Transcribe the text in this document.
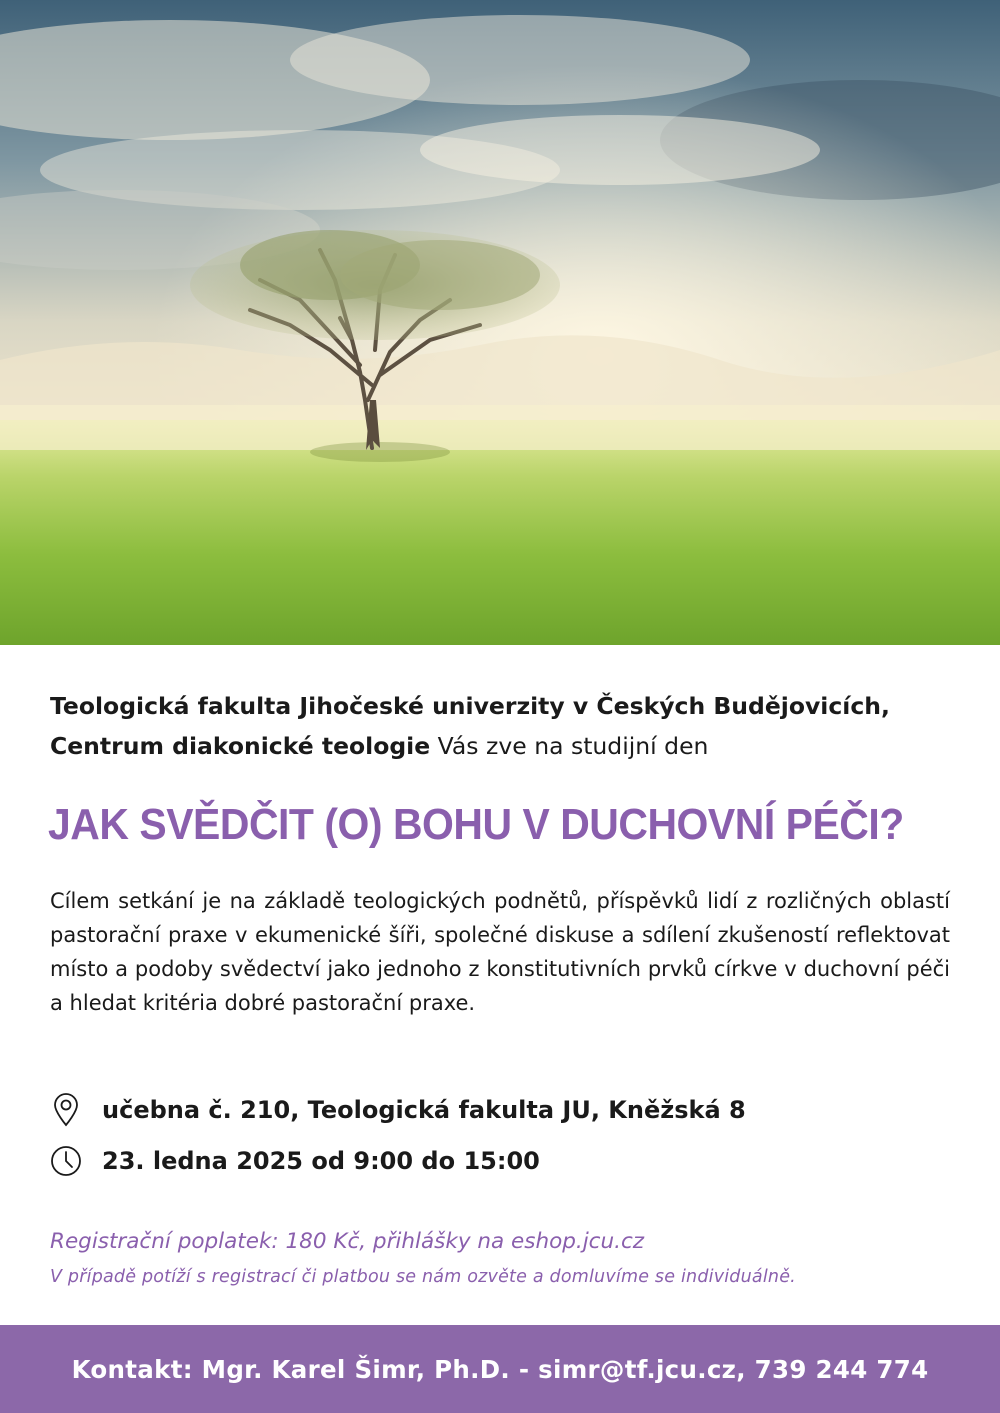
Teologická fakulta Jihočeské univerzity v Českých Budějovicích,
Centrum diakonické teologie Vás zve na studijní den
JAK SVĚDČIT (O) BOHU V DUCHOVNÍ PÉČI?
Cílem setkání je na základě teologických podnětů, příspěvků lidí z rozličných oblastí pastorační praxe v ekumenické šíři, společné diskuse a sdílení zkušeností reflektovat místo a podoby svědectví jako jednoho z konstitutivních prvků církve v duchovní péči a hledat kritéria dobré pastorační praxe.
učebna č. 210, Teologická fakulta JU, Kněžská 8
23. ledna 2025 od 9:00 do 15:00
Registrační poplatek: 180 Kč, přihlášky na eshop.jcu.cz
V případě potíží s registrací či platbou se nám ozvěte a domluvíme se individuálně.
Kontakt: Mgr. Karel Šimr, Ph.D. - simr@tf.jcu.cz, 739 244 774
